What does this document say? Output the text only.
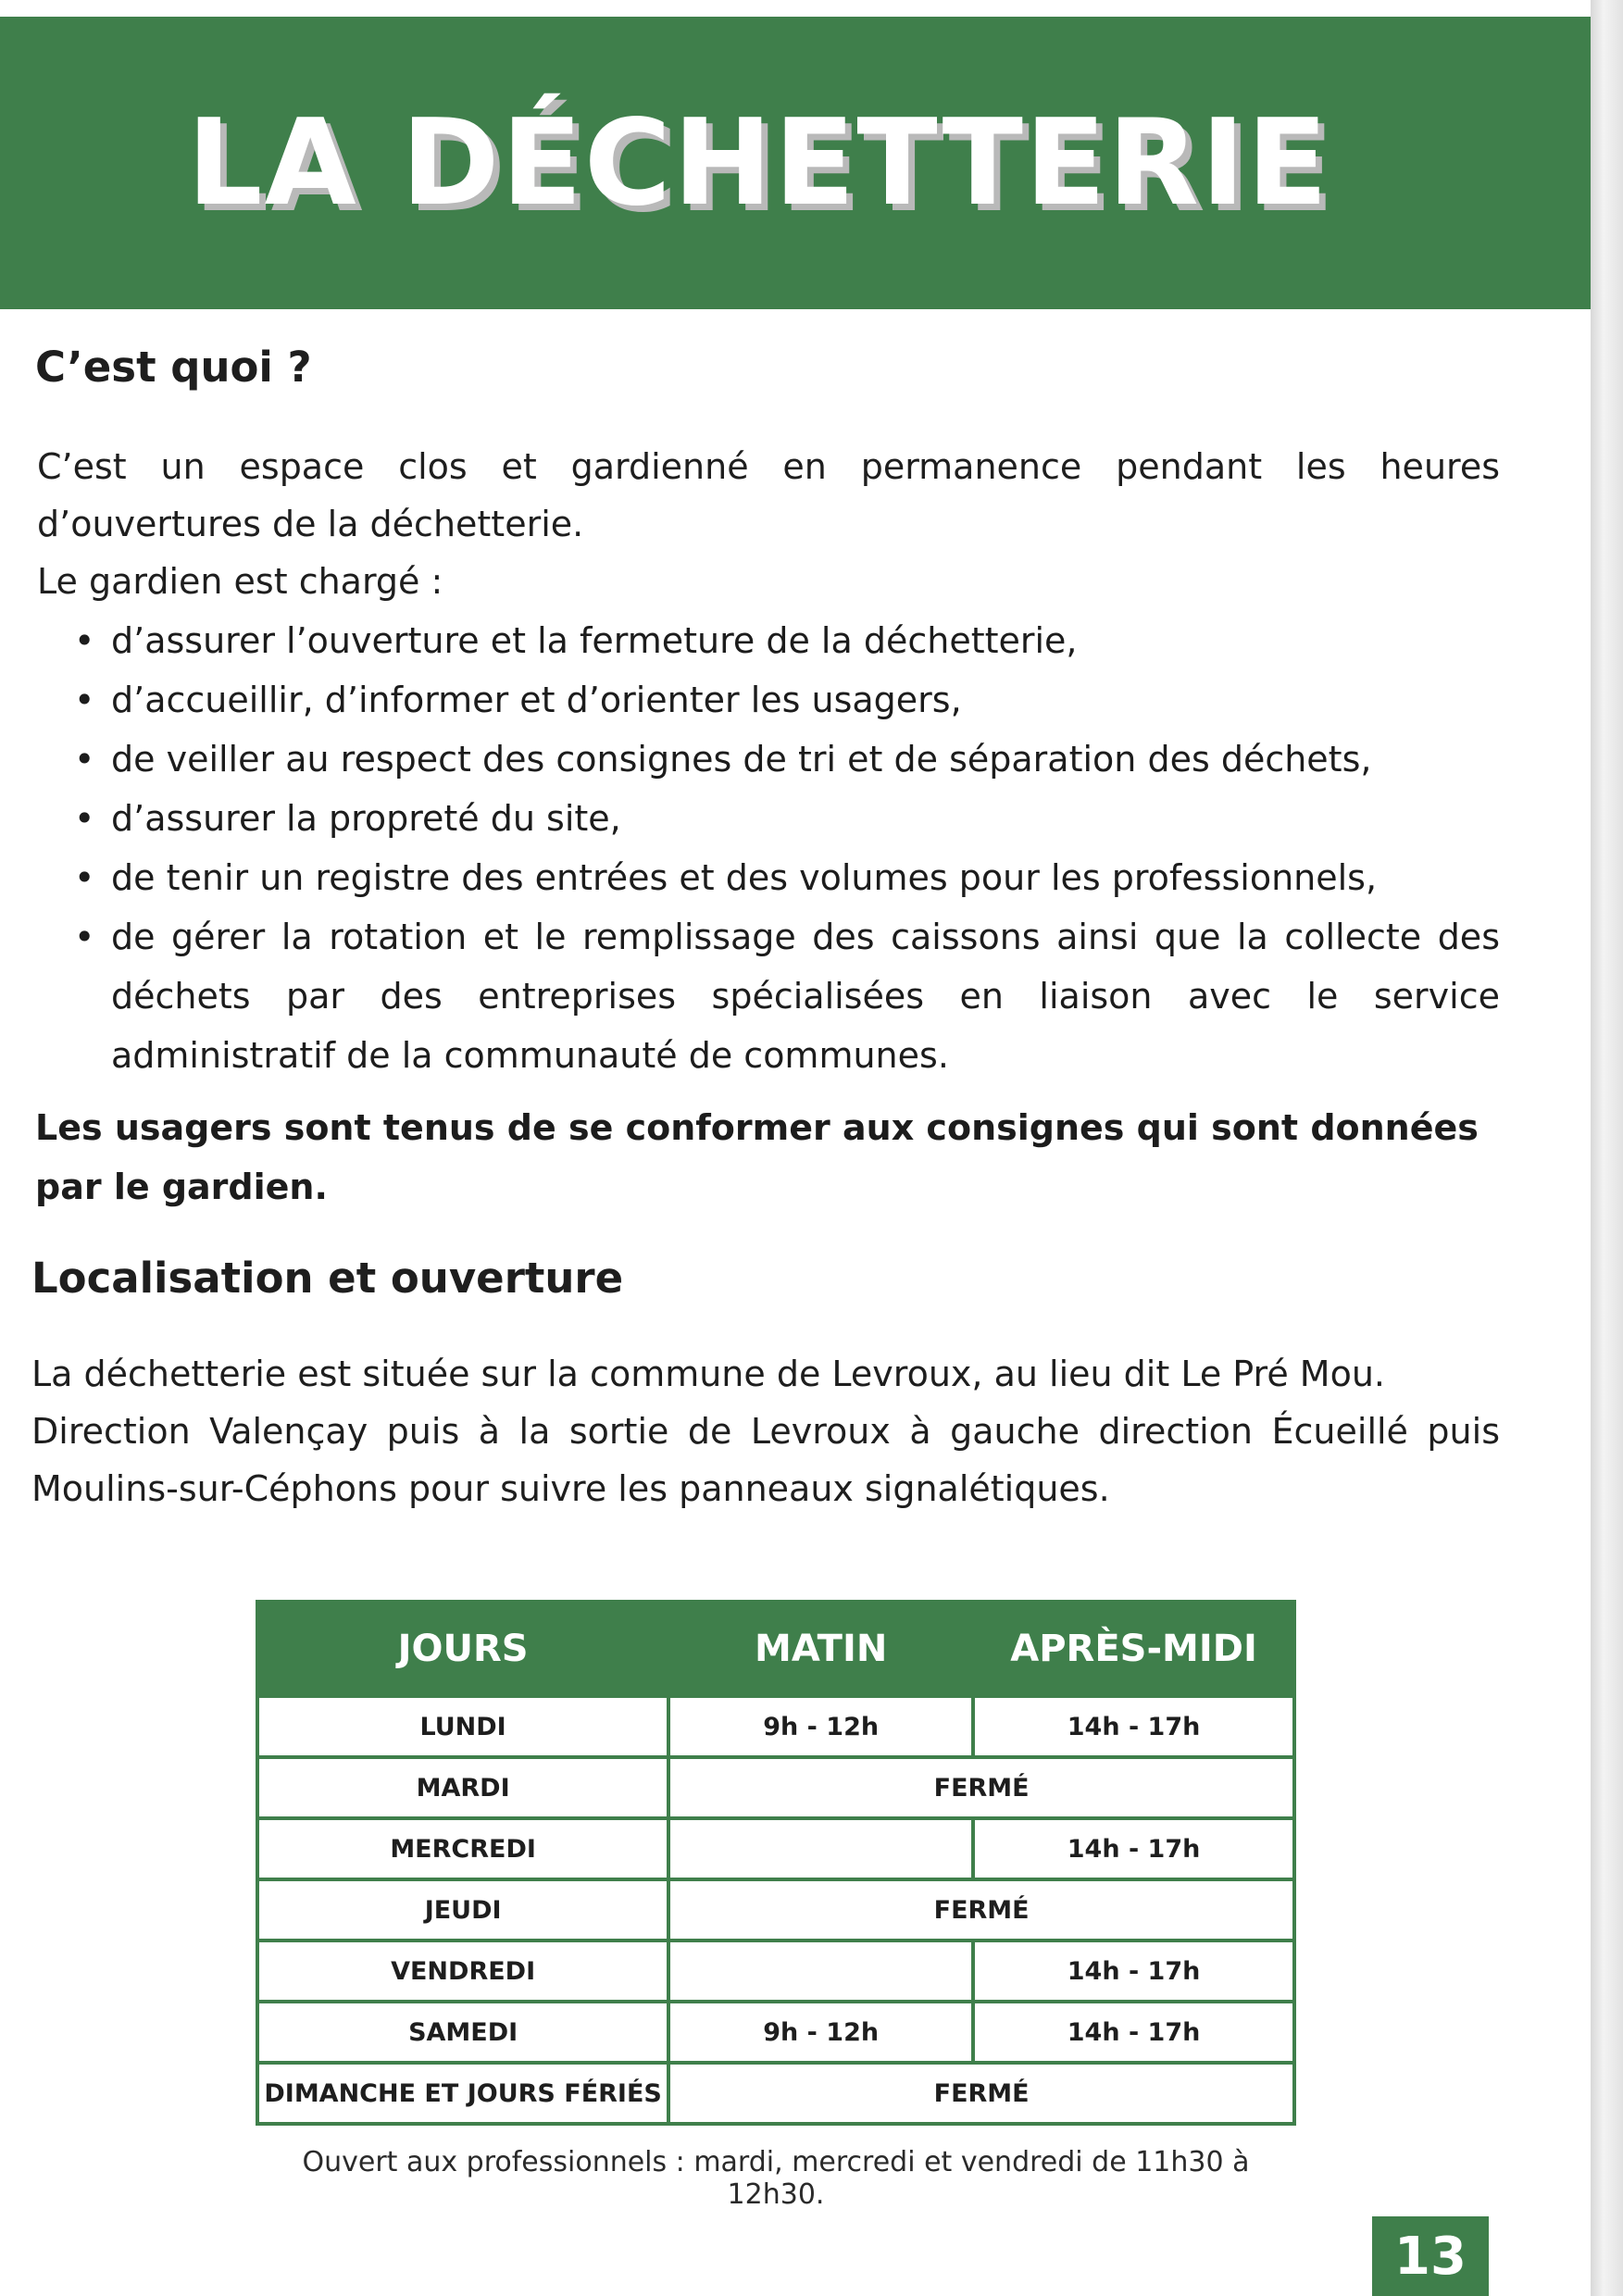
LA DÉCHETTERIE
C’est quoi ?

C’est un espace clos et gardienné en permanence pendant les heures

d’ouvertures de la déchetterie.

Le gardien est chargé :

• d’assurer l’ouverture et la fermeture de la déchetterie,
• d’accueillir, d’informer et d’orienter les usagers,
• de veiller au respect des consignes de tri et de séparation des déchets,
• d’assurer la propreté du site,
• de tenir un registre des entrées et des volumes pour les professionnels,
• de gérer la rotation et le remplissage des caissons ainsi que la collecte des déchets par des entreprises spécialisées en liaison avec le service administratif de la communauté de communes.

Les usagers sont tenus de se conformer aux consignes qui sont données par le gardien.

Localisation et ouverture

La déchetterie est située sur la commune de Levroux, au lieu dit Le Pré Mou.

Direction Valençay puis à la sortie de Levroux à gauche direction Écueillé puis

Moulins-sur-Céphons pour suivre les panneaux signalétiques.

JOURS	MATIN	APRÈS-MIDI
LUNDI	9h - 12h	14h - 17h
MARDI	FERMÉ	
MERCREDI		14h - 17h
JEUDI	FERMÉ	
VENDREDI		14h - 17h
SAMEDI	9h - 12h	14h - 17h
DIMANCHE ET JOURS FÉRIÉS	FERMÉ	
Ouvert aux professionnels : mardi, mercredi et vendredi de 11h30 à 12h30.
13
